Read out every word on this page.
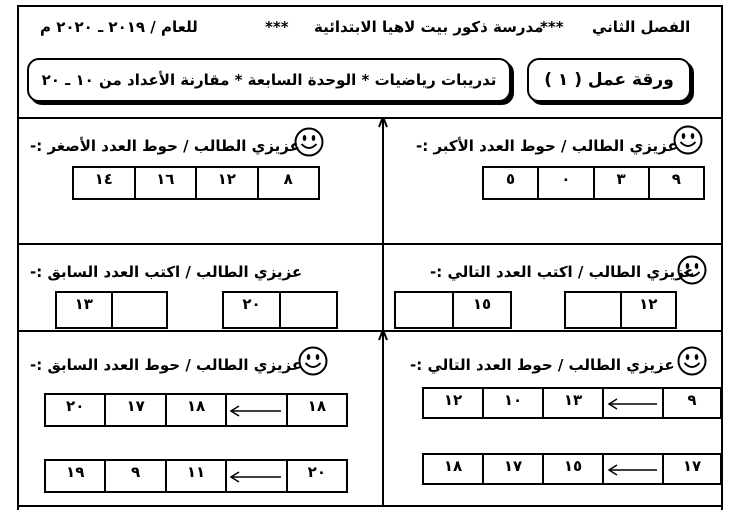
للعام / ٢٠١٩ ـ ٢٠٢٠ م	*** مدرسة ذكور بيت لاهيا الابتدائية
*** الفصل الثاني
ورقة عمل ( ١ )
تدريبات رياضيات * الوحدة السابعة * مقارنة الأعداد من ١٠ ـ ٢٠
عزيزي الطالب / حوط العدد الأكبر :-
٥	٠	٣	٩
عزيزي الطالب / حوط العدد الأصغر :-
١٤	١٦	١٢	٨
عزيزي الطالب / اكتب العدد التالي :-
١٥	١٢
عزيزي الطالب / اكتب العدد السابق :-
١٣	٢٠
عزيزي الطالب / حوط العدد التالي :-
١٢	١٠	١٣	٩
١٨	١٧	١٥	١٧
عزيزي الطالب / حوط العدد السابق :-
٢٠	١٧	١٨	١٨
١٩	٩	١١	٢٠
